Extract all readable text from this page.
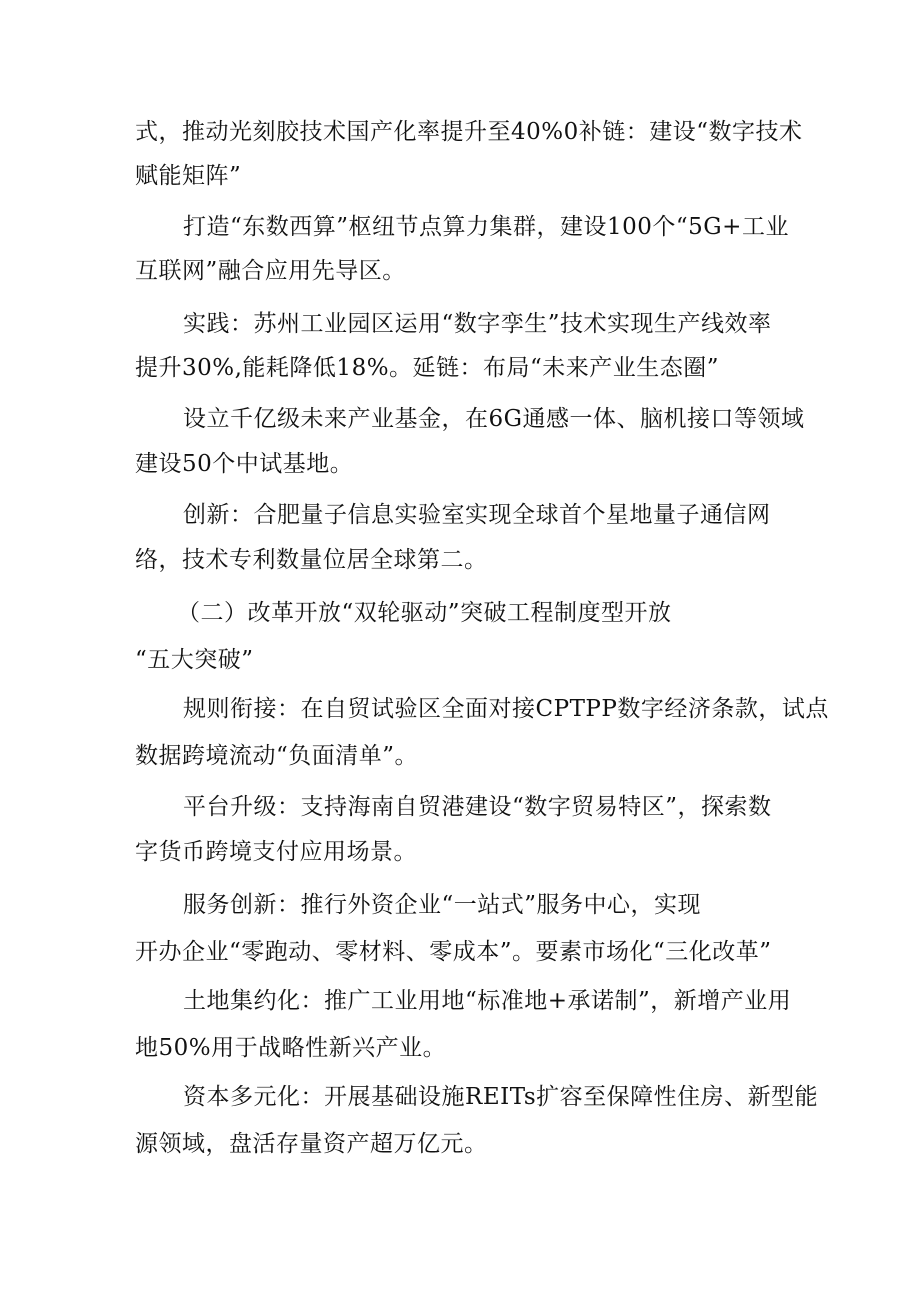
式，推动光刻胶技术国产化率提升至40%0补链：建设“数字技术
赋能矩阵”
打造“东数西算”枢纽节点算力集群，建设100个“5G+工业
互联网”融合应用先导区。
实践：苏州工业园区运用“数字孪生”技术实现生产线效率
提升30%,能耗降低18%。延链：布局“未来产业生态圈”
设立千亿级未来产业基金，在6G通感一体、脑机接口等领域
建设50个中试基地。
创新：合肥量子信息实验室实现全球首个星地量子通信网
络，技术专利数量位居全球第二。
（二）改革开放“双轮驱动”突破工程制度型开放
“五大突破”
规则衔接：在自贸试验区全面对接CPTPP数字经济条款，试点
数据跨境流动“负面清单”。
平台升级：支持海南自贸港建设“数字贸易特区”，探索数
字货币跨境支付应用场景。
服务创新：推行外资企业“一站式”服务中心，实现
开办企业“零跑动、零材料、零成本”。要素市场化“三化改革”
土地集约化：推广工业用地“标准地+承诺制”，新增产业用
地50%用于战略性新兴产业。
资本多元化：开展基础设施REITs扩容至保障性住房、新型能
源领域，盘活存量资产超万亿元。
